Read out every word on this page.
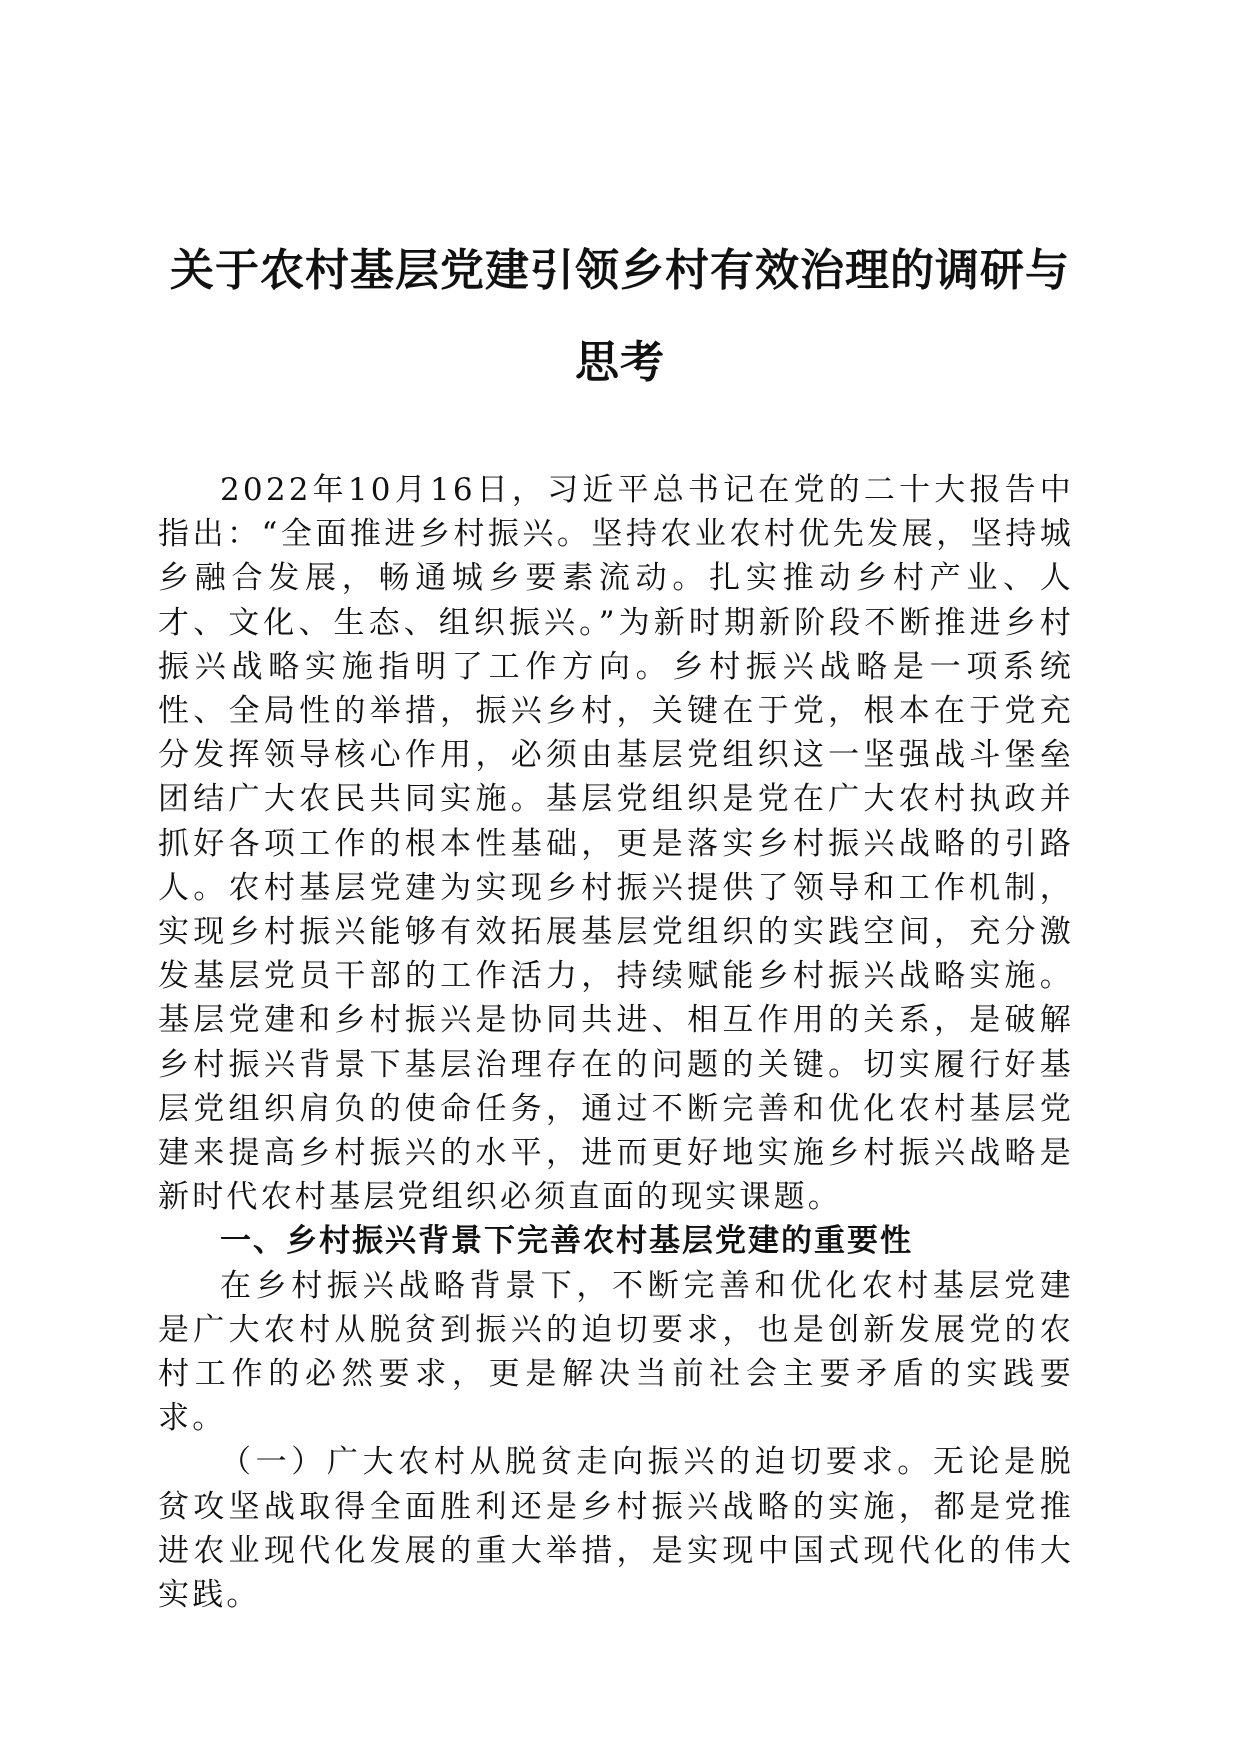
关于农村基层党建引领乡村有效治理的调研与思考

2022年10月16日，习近平总书记在党的二十大报告中指出：“全面推进乡村振兴。坚持农业农村优先发展，坚持城乡融合发展，畅通城乡要素流动。扎实推动乡村产业、人才、文化、生态、组织振兴。”为新时期新阶段不断推进乡村振兴战略实施指明了工作方向。乡村振兴战略是一项系统性、全局性的举措，振兴乡村，关键在于党，根本在于党充分发挥领导核心作用，必须由基层党组织这一坚强战斗堡垒团结广大农民共同实施。基层党组织是党在广大农村执政并抓好各项工作的根本性基础，更是落实乡村振兴战略的引路人。农村基层党建为实现乡村振兴提供了领导和工作机制，实现乡村振兴能够有效拓展基层党组织的实践空间，充分激发基层党员干部的工作活力，持续赋能乡村振兴战略实施。基层党建和乡村振兴是协同共进、相互作用的关系，是破解乡村振兴背景下基层治理存在的问题的关键。切实履行好基层党组织肩负的使命任务，通过不断完善和优化农村基层党建来提高乡村振兴的水平，进而更好地实施乡村振兴战略是新时代农村基层党组织必须直面的现实课题。

一、乡村振兴背景下完善农村基层党建的重要性

在乡村振兴战略背景下，不断完善和优化农村基层党建是广大农村从脱贫到振兴的迫切要求，也是创新发展党的农村工作的必然要求，更是解决当前社会主要矛盾的实践要求。

（一）广大农村从脱贫走向振兴的迫切要求。无论是脱贫攻坚战取得全面胜利还是乡村振兴战略的实施，都是党推进农业现代化发展的重大举措，是实现中国式现代化的伟大实践。
